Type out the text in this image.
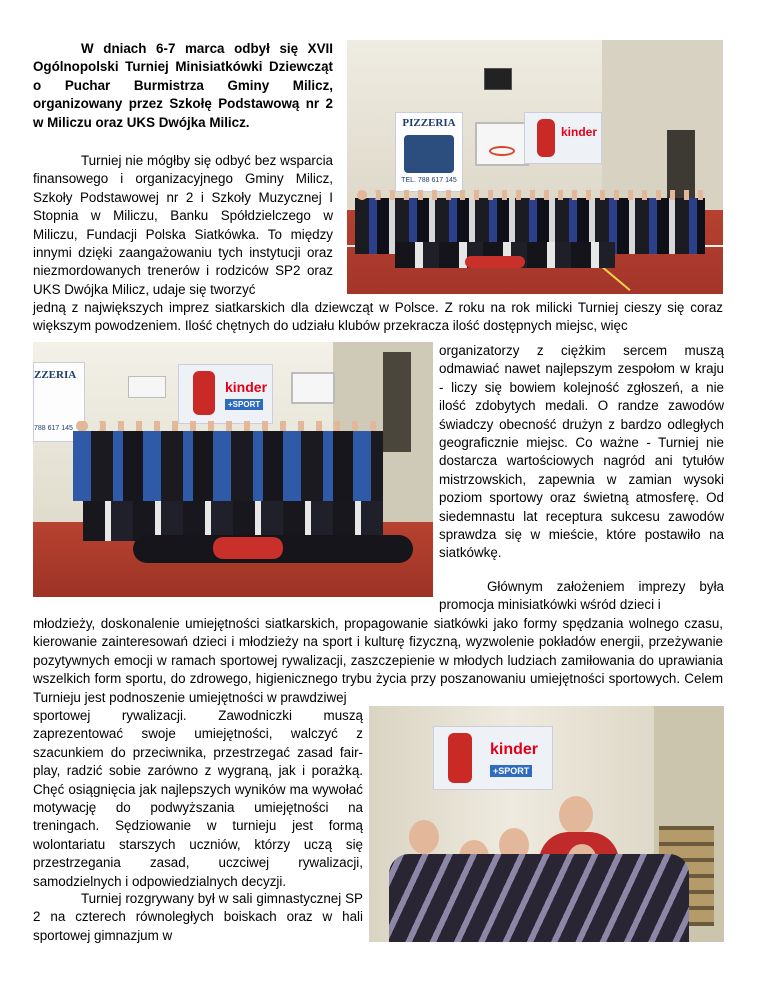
W dniach 6-7 marca odbył się XVII Ogólnopolski Turniej Minisiatkówki Dziewcząt o Puchar Burmistrza Gminy Milicz, organizowany przez Szkołę Podstawową nr 2 w Miliczu oraz UKS Dwójka Milicz.

Turniej nie mógłby się odbyć bez wsparcia finansowego i organizacyjnego Gminy Milicz, Szkoły Podstawowej nr 2 i Szkoły Muzycznej I Stopnia w Miliczu, Banku Spółdzielczego w Miliczu, Fundacji Polska Siatkówka. To między innymi dzięki zaangażowaniu tych instytucji oraz niezmordowanych trenerów i rodziców SP2 oraz UKS Dwójka Milicz, udaje się tworzyć

jedną z największych imprez siatkarskich dla dziewcząt w Polsce. Z roku na rok milicki Turniej cieszy się coraz większym powodzeniem. Ilość chętnych do udziału klubów przekracza ilość dostępnych miejsc, więc

organizatorzy z ciężkim sercem muszą odmawiać nawet najlepszym zespołom w kraju - liczy się bowiem kolejność zgłoszeń, a nie ilość zdobytych medali. O randze zawodów świadczy obecność drużyn z bardzo odległych geograficznie miejsc. Co ważne - Turniej nie dostarcza wartościowych nagród ani tytułów mistrzowskich, zapewnia w zamian wysoki poziom sportowy oraz świetną atmosferę. Od siedemnastu lat receptura sukcesu zawodów sprawdza się w mieście, które postawiło na siatkówkę.

Głównym założeniem imprezy była promocja minisiatkówki wśród dzieci i

młodzieży, doskonalenie umiejętności siatkarskich, propagowanie siatkówki jako formy spędzania wolnego czasu, kierowanie zainteresowań dzieci i młodzieży na sport i kulturę fizyczną, wyzwolenie pokładów energii, przeżywanie pozytywnych emocji w ramach sportowej rywalizacji, zaszczepienie w młodych ludziach zamiłowania do uprawiania wszelkich form sportu, do zdrowego, higienicznego trybu życia przy poszanowaniu umiejętności sportowych. Celem Turnieju jest podnoszenie umiejętności w prawdziwej

sportowej rywalizacji. Zawodniczki muszą zaprezentować swoje umiejętności, walczyć z szacunkiem do przeciwnika, przestrzegać zasad fair-play, radzić sobie zarówno z wygraną, jak i porażką. Chęć osiągnięcia jak najlepszych wyników ma wywołać motywację do podwyższania umiejętności na treningach. Sędziowanie w turnieju jest formą wolontariatu starszych uczniów, którzy uczą się przestrzegania zasad, uczciwej rywalizacji, samodzielnych i odpowiedzialnych decyzji.

Turniej rozgrywany był w sali gimnastycznej SP 2 na czterech równoległych boiskach oraz w hali sportowej gimnazjum w

PIZZERIA
TEL. 788 617 145
kinder
ZZERIA
788 617 145
kinder
+SPORT
kinder
+SPORT
